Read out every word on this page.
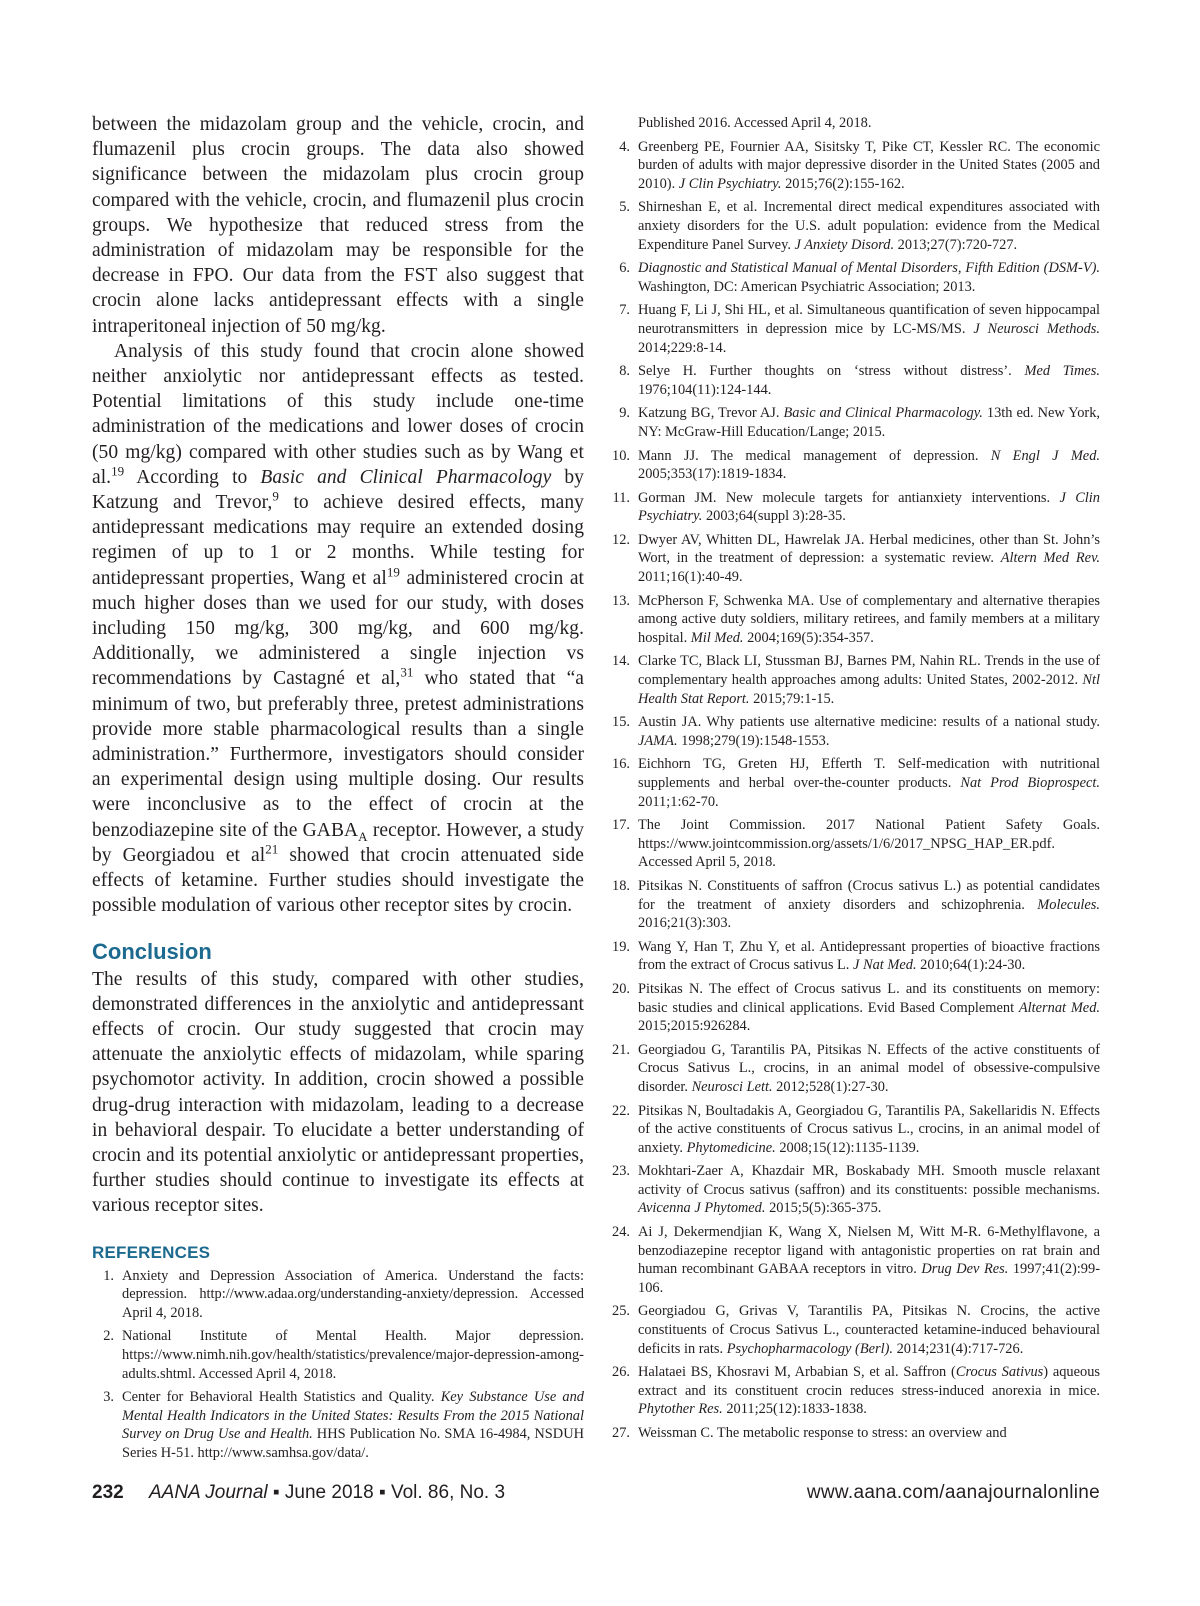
between the midazolam group and the vehicle, crocin, and flumazenil plus crocin groups. The data also showed significance between the midazolam plus crocin group compared with the vehicle, crocin, and flumazenil plus crocin groups. We hypothesize that reduced stress from the administration of midazolam may be responsible for the decrease in FPO. Our data from the FST also suggest that crocin alone lacks antidepressant effects with a single intraperitoneal injection of 50 mg/kg.

Analysis of this study found that crocin alone showed neither anxiolytic nor antidepressant effects as tested. Potential limitations of this study include one-time administration of the medications and lower doses of crocin (50 mg/kg) compared with other studies such as by Wang et al.$^{19}$ According to Basic and Clinical Pharmacology by Katzung and Trevor,$^9$ to achieve desired effects, many antidepressant medications may require an extended dosing regimen of up to 1 or 2 months. While testing for antidepressant properties, Wang et $al^{19}$ administered crocin at much higher doses than we used for our study, with doses including 150 mg/kg, 300 mg/kg, and 600 mg/kg. Additionally, we administered a single injection vs recommendations by Castagné et al,$^{31}$ who stated that “a minimum of two, but preferably three, pretest administrations provide more stable pharmacological results than a single administration.” Furthermore, investigators should consider an experimental design using multiple dosing. Our results were inconclusive as to the effect of crocin at the benzodiazepine site of the $GABA_A$ receptor. However, a study by Georgiadou et $al^{21}$ showed that crocin attenuated side effects of ketamine. Further studies should investigate the possible modulation of various other receptor sites by crocin.

Conclusion

The results of this study, compared with other studies, demonstrated differences in the anxiolytic and antidepressant effects of crocin. Our study suggested that crocin may attenuate the anxiolytic effects of midazolam, while sparing psychomotor activity. In addition, crocin showed a possible drug-drug interaction with midazolam, leading to a decrease in behavioral despair. To elucidate a better understanding of crocin and its potential anxiolytic or antidepressant properties, further studies should continue to investigate its effects at various receptor sites.

REFERENCES
1. Anxiety and Depression Association of America. Understand the facts: depression. http://www.adaa.org/understanding-anxiety/depression. Accessed April 4, 2018.
2. National Institute of Mental Health. Major depression. https://www.nimh.nih.gov/health/statistics/prevalence/major-depression-among-adults.shtml. Accessed April 4, 2018.
3. Center for Behavioral Health Statistics and Quality. Key Substance Use and Mental Health Indicators in the United States: Results From the 2015 National Survey on Drug Use and Health. HHS Publication No. SMA 16-4984, NSDUH Series H-51. http://www.samhsa.gov/data/.
Published 2016. Accessed April 4, 2018.
4. Greenberg PE, Fournier AA, Sisitsky T, Pike CT, Kessler RC. The economic burden of adults with major depressive disorder in the United States (2005 and 2010). J Clin Psychiatry. 2015;76(2):155-162.
5. Shirneshan E, et al. Incremental direct medical expenditures associated with anxiety disorders for the U.S. adult population: evidence from the Medical Expenditure Panel Survey. J Anxiety Disord. 2013;27(7):720-727.
6. Diagnostic and Statistical Manual of Mental Disorders, Fifth Edition (DSM-V). Washington, DC: American Psychiatric Association; 2013.
7. Huang F, Li J, Shi HL, et al. Simultaneous quantification of seven hippocampal neurotransmitters in depression mice by LC-MS/MS. J Neurosci Methods. 2014;229:8-14.
8. Selye H. Further thoughts on ‘stress without distress’. Med Times. 1976;104(11):124-144.
9. Katzung BG, Trevor AJ. Basic and Clinical Pharmacology. 13th ed. New York, NY: McGraw-Hill Education/Lange; 2015.
10. Mann JJ. The medical management of depression. N Engl J Med. 2005;353(17):1819-1834.
11. Gorman JM. New molecule targets for antianxiety interventions. J Clin Psychiatry. 2003;64(suppl 3):28-35.
12. Dwyer AV, Whitten DL, Hawrelak JA. Herbal medicines, other than St. John’s Wort, in the treatment of depression: a systematic review. Altern Med Rev. 2011;16(1):40-49.
13. McPherson F, Schwenka MA. Use of complementary and alternative therapies among active duty soldiers, military retirees, and family members at a military hospital. Mil Med. 2004;169(5):354-357.
14. Clarke TC, Black LI, Stussman BJ, Barnes PM, Nahin RL. Trends in the use of complementary health approaches among adults: United States, 2002-2012. Ntl Health Stat Report. 2015;79:1-15.
15. Austin JA. Why patients use alternative medicine: results of a national study. JAMA. 1998;279(19):1548-1553.
16. Eichhorn TG, Greten HJ, Efferth T. Self-medication with nutritional supplements and herbal over-the-counter products. Nat Prod Bioprospect. 2011;1:62-70.
17. The Joint Commission. 2017 National Patient Safety Goals. https://www.jointcommission.org/assets/1/6/2017_NPSG_HAP_ER.pdf. Accessed April 5, 2018.
18. Pitsikas N. Constituents of saffron (Crocus sativus L.) as potential candidates for the treatment of anxiety disorders and schizophrenia. Molecules. 2016;21(3):303.
19. Wang Y, Han T, Zhu Y, et al. Antidepressant properties of bioactive fractions from the extract of Crocus sativus L. J Nat Med. 2010;64(1):24-30.
20. Pitsikas N. The effect of Crocus sativus L. and its constituents on memory: basic studies and clinical applications. Evid Based Complement Alternat Med. 2015;2015:926284.
21. Georgiadou G, Tarantilis PA, Pitsikas N. Effects of the active constituents of Crocus Sativus L., crocins, in an animal model of obsessive-compulsive disorder. Neurosci Lett. 2012;528(1):27-30.
22. Pitsikas N, Boultadakis A, Georgiadou G, Tarantilis PA, Sakellaridis N. Effects of the active constituents of Crocus sativus L., crocins, in an animal model of anxiety. Phytomedicine. 2008;15(12):1135-1139.
23. Mokhtari-Zaer A, Khazdair MR, Boskabady MH. Smooth muscle relaxant activity of Crocus sativus (saffron) and its constituents: possible mechanisms. Avicenna J Phytomed. 2015;5(5):365-375.
24. Ai J, Dekermendjian K, Wang X, Nielsen M, Witt M-R. 6-Methylflavone, a benzodiazepine receptor ligand with antagonistic properties on rat brain and human recombinant GABAA receptors in vitro. Drug Dev Res. 1997;41(2):99-106.
25. Georgiadou G, Grivas V, Tarantilis PA, Pitsikas N. Crocins, the active constituents of Crocus Sativus L., counteracted ketamine-induced behavioural deficits in rats. Psychopharmacology (Berl). 2014;231(4):717-726.
26. Halataei BS, Khosravi M, Arbabian S, et al. Saffron (Crocus Sativus) aqueous extract and its constituent crocin reduces stress-induced anorexia in mice. Phytother Res. 2011;25(12):1833-1838.
27. Weissman C. The metabolic response to stress: an overview and
232 AANA Journal ▪ June 2018 ▪ Vol. 86, No. 3	www.aana.com/aanajournalonline
